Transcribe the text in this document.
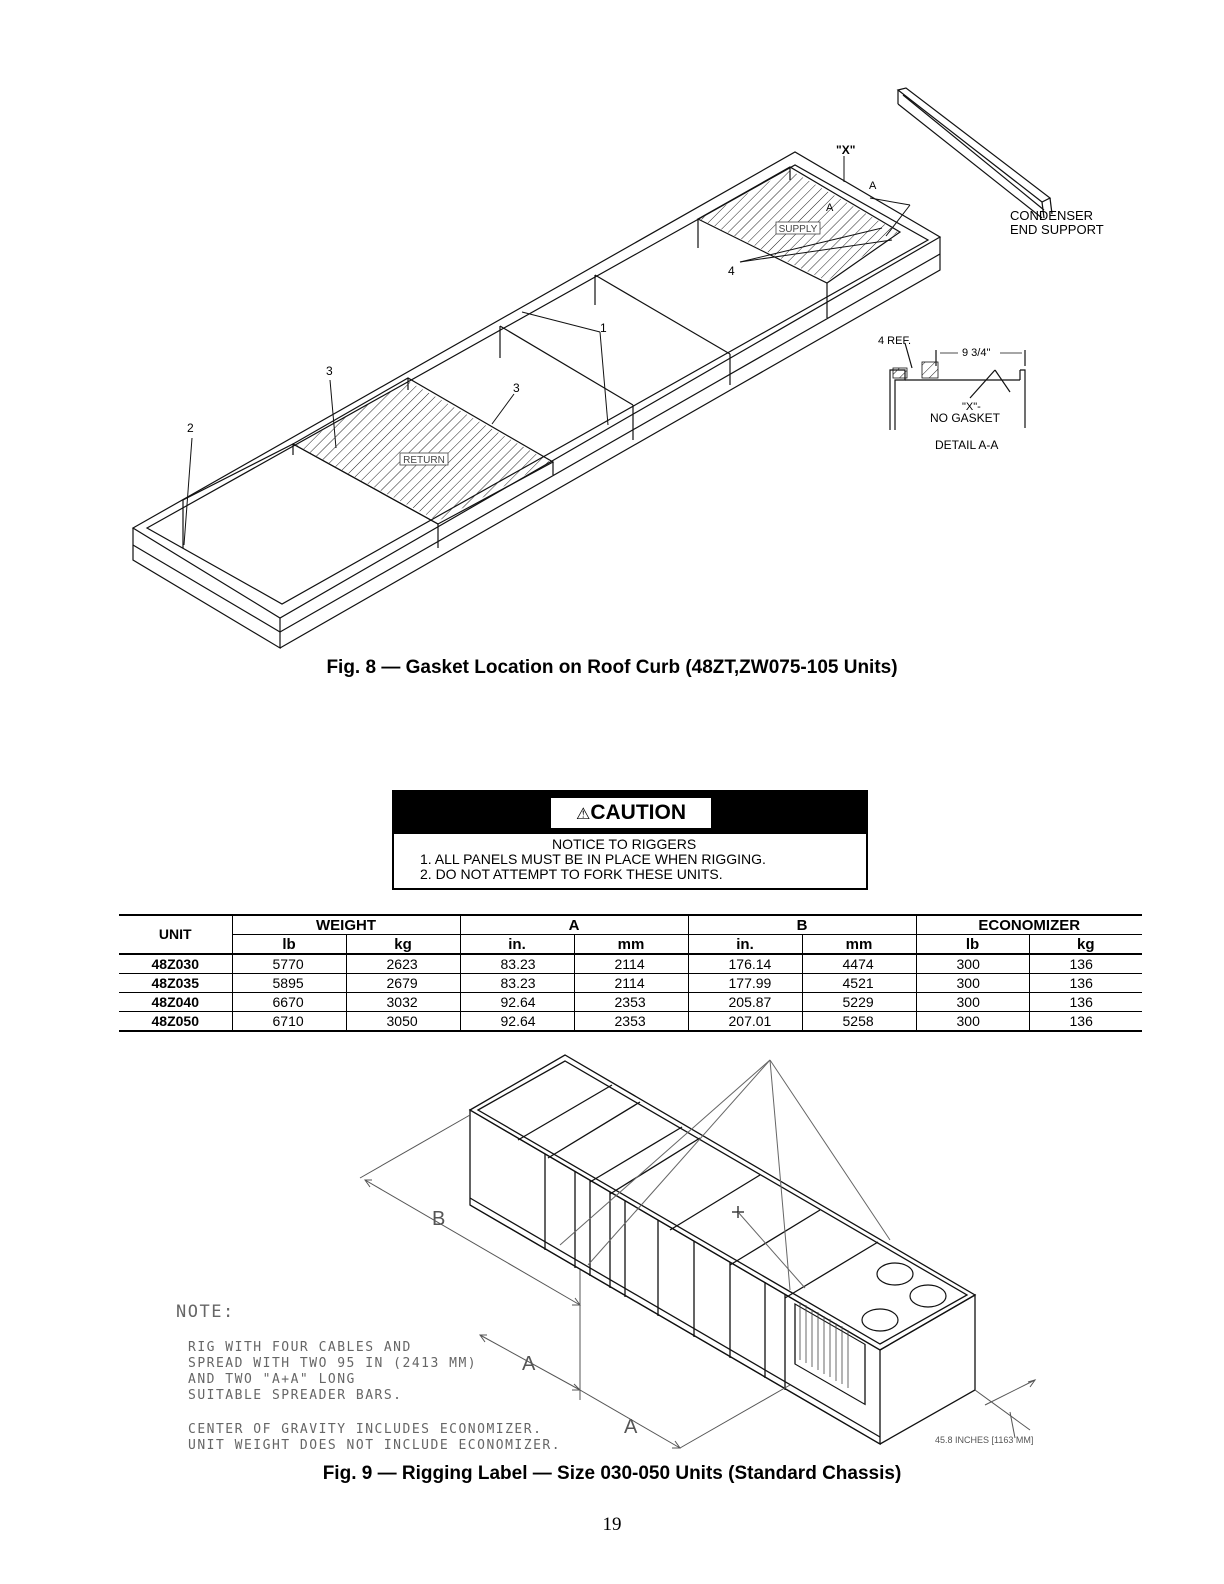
SUPPLY
RETURN
2
3
3
1
4
"X"
A
A	CONDENSER
END SUPPORT
4 REF.
9 3/4"
"X"-
NO GASKET
DETAIL A-A
Fig. 8 — Gasket Location on Roof Curb (48ZT,ZW075-105 Units)
⚠CAUTION
NOTICE TO RIGGERS
1. ALL PANELS MUST BE IN PLACE WHEN RIGGING.
2. DO NOT ATTEMPT TO FORK THESE UNITS.
UNIT	WEIGHT		A		B		ECONOMIZER	
	lb	kg	in.	mm	in.	mm	lb	kg
48Z030	5770	2623	83.23	2114	176.14	4474	300	136
48Z035	5895	2679	83.23	2114	177.99	4521	300	136
48Z040	6670	3032	92.64	2353	205.87	5229	300	136
48Z050	6710	3050	92.64	2353	207.01	5258	300	136
B
A
A
45.8 INCHES [1163 MM]
NOTE:
RIG WITH FOUR CABLES AND
SPREAD WITH TWO 95 IN (2413 MM)
AND TWO "A+A" LONG
SUITABLE SPREADER BARS.
CENTER OF GRAVITY INCLUDES ECONOMIZER.
UNIT WEIGHT DOES NOT INCLUDE ECONOMIZER.
Fig. 9 — Rigging Label — Size 030-050 Units (Standard Chassis)
19
